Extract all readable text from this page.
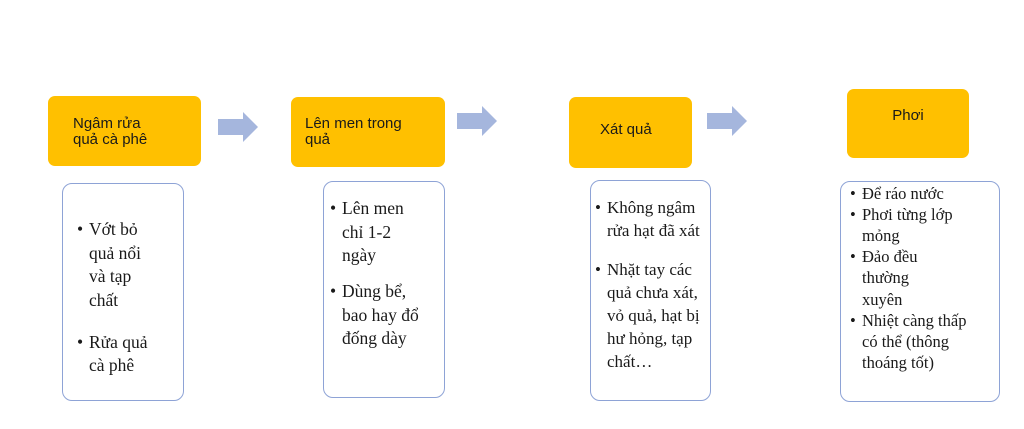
Ngâm rửa
quả cà phê
• Vớt bỏ
quả nổi
và tạp
chất
• Rửa quả
cà phê
Lên men trong
quả
• Lên men
chỉ 1-2
ngày
• Dùng bể,
bao hay đổ
đống dày
Xát quả
• Không ngâm
rửa hạt đã xát
• Nhặt tay các
quả chưa xát,
vỏ quả, hạt bị
hư hỏng, tạp
chất…
Phơi
• Để ráo nước
• Phơi từng lớp
mỏng
• Đảo đều
thường
xuyên
• Nhiệt càng thấp
có thể (thông
thoáng tốt)
